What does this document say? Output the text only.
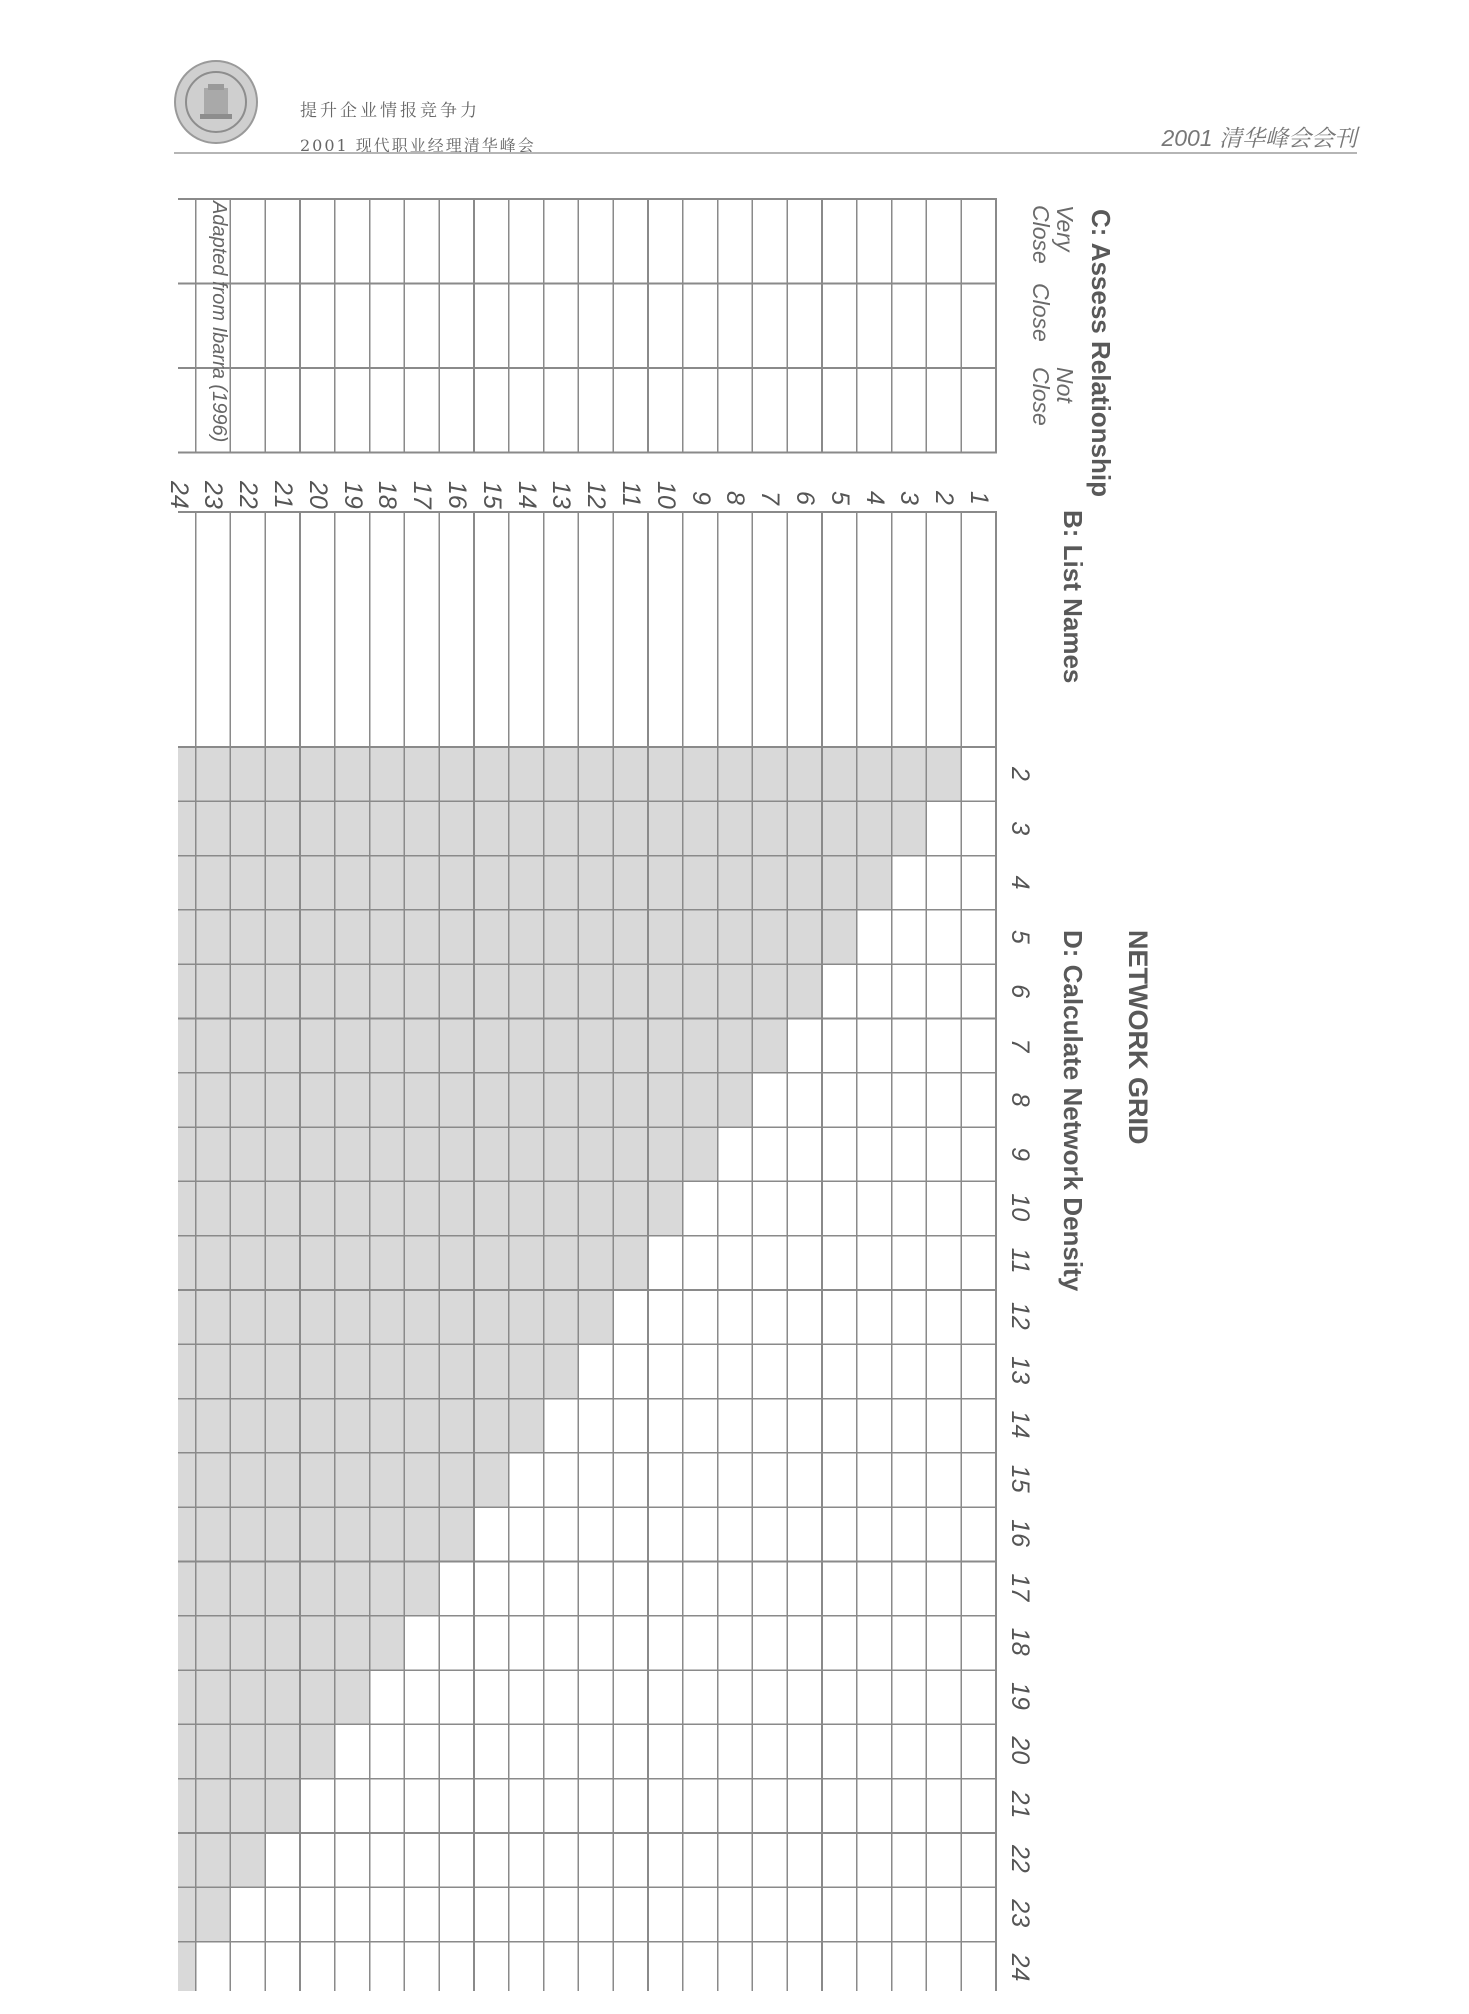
提升企业情报竞争力
2001 现代职业经理清华峰会	2001 清华峰会会刊
C: Assess Relationship
Very
Close
Close
Not
Close
B: List Names
NETWORK GRID
D: Calculate Network Density
1
2
3
4
5
6
7
8
9
10
11
12
13
14
15
16
17
18
19
20
21
22
23
24
2
3
4
5
6
7
8
9
10
11
12
13
14
15
16
17
18
19
20
21
22
23
24
Adapted from Ibarra (1996)
